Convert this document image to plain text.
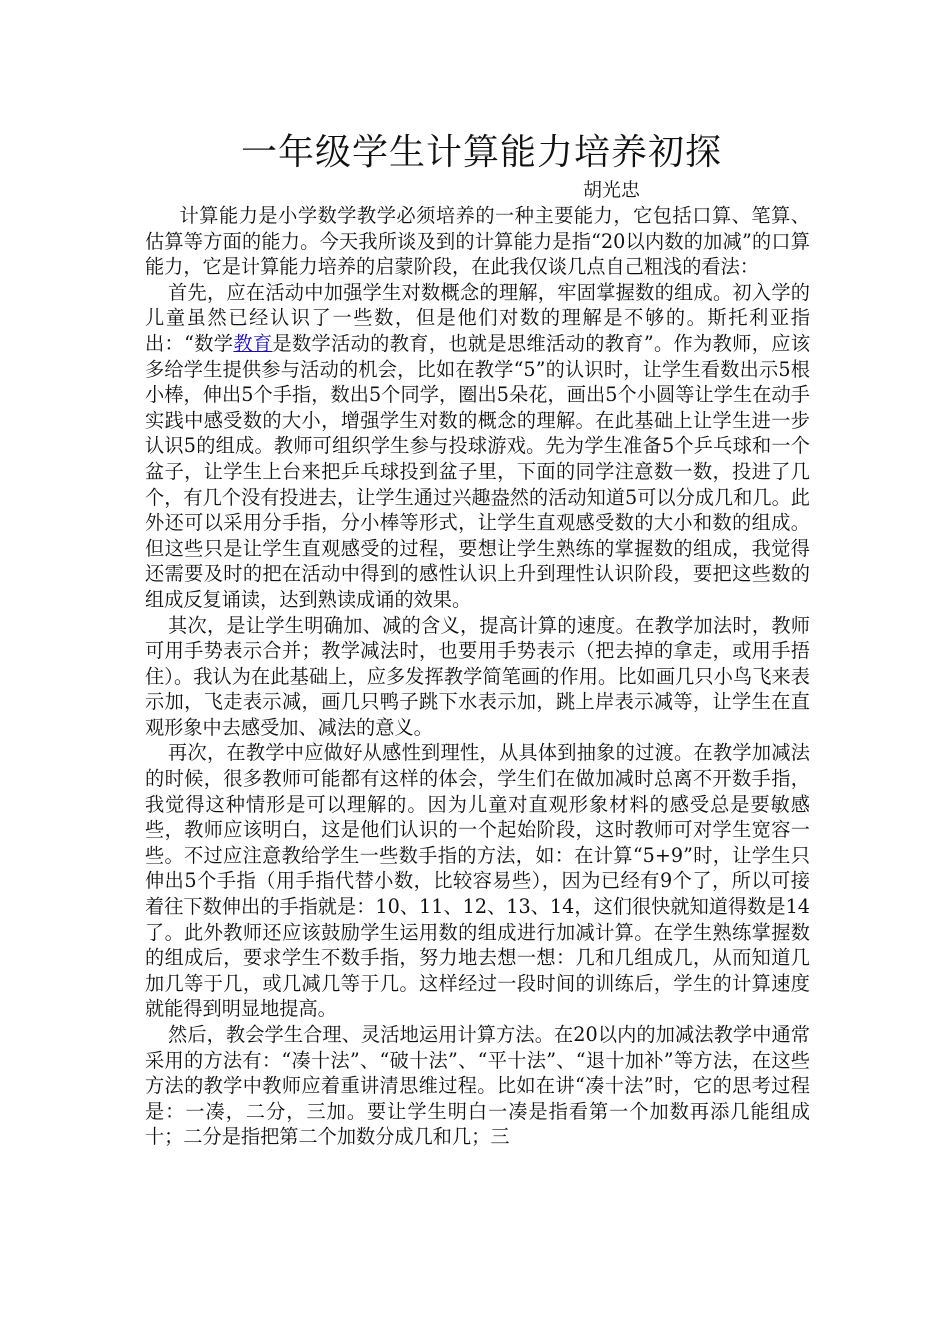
一年级学生计算能力培养初探

胡光忠

计算能力是小学数学教学必须培养的一种主要能力，它包括口算、笔算、估算等方面的能力。今天我所谈及到的计算能力是指“20以内数的加减”的口算能力，它是计算能力培养的启蒙阶段，在此我仅谈几点自己粗浅的看法：

首先，应在活动中加强学生对数概念的理解，牢固掌握数的组成。初入学的儿童虽然已经认识了一些数，但是他们对数的理解是不够的。斯托利亚指出：“数学教育是数学活动的教育，也就是思维活动的教育”。作为教师，应该多给学生提供参与活动的机会，比如在教学“5”的认识时，让学生看数出示5根小棒，伸出5个手指，数出5个同学，圈出5朵花，画出5个小圆等让学生在动手实践中感受数的大小，增强学生对数的概念的理解。在此基础上让学生进一步认识5的组成。教师可组织学生参与投球游戏。先为学生准备5个乒乓球和一个盆子，让学生上台来把乒乓球投到盆子里，下面的同学注意数一数，投进了几个，有几个没有投进去，让学生通过兴趣盎然的活动知道5可以分成几和几。此外还可以采用分手指，分小棒等形式，让学生直观感受数的大小和数的组成。但这些只是让学生直观感受的过程，要想让学生熟练的掌握数的组成，我觉得还需要及时的把在活动中得到的感性认识上升到理性认识阶段，要把这些数的组成反复诵读，达到熟读成诵的效果。

其次，是让学生明确加、减的含义，提高计算的速度。在教学加法时，教师可用手势表示合并；教学减法时，也要用手势表示（把去掉的拿走，或用手捂住）。我认为在此基础上，应多发挥教学简笔画的作用。比如画几只小鸟飞来表示加，飞走表示减，画几只鸭子跳下水表示加，跳上岸表示减等，让学生在直观形象中去感受加、减法的意义。

再次，在教学中应做好从感性到理性，从具体到抽象的过渡。在教学加减法的时候，很多教师可能都有这样的体会，学生们在做加减时总离不开数手指，我觉得这种情形是可以理解的。因为儿童对直观形象材料的感受总是要敏感些，教师应该明白，这是他们认识的一个起始阶段，这时教师可对学生宽容一些。不过应注意教给学生一些数手指的方法，如：在计算“5+9”时，让学生只伸出5个手指（用手指代替小数，比较容易些），因为已经有9个了，所以可接着往下数伸出的手指就是：10、11、12、13、14，这们很快就知道得数是14了。此外教师还应该鼓励学生运用数的组成进行加减计算。在学生熟练掌握数的组成后，要求学生不数手指，努力地去想一想：几和几组成几，从而知道几加几等于几，或几减几等于几。这样经过一段时间的训练后，学生的计算速度就能得到明显地提高。

然后，教会学生合理、灵活地运用计算方法。在20以内的加减法教学中通常采用的方法有：“凑十法”、“破十法”、“平十法”、“退十加补”等方法，在这些方法的教学中教师应着重讲清思维过程。比如在讲“凑十法”时，它的思考过程是：一凑，二分，三加。要让学生明白一凑是指看第一个加数再添几能组成十；二分是指把第二个加数分成几和几；三
